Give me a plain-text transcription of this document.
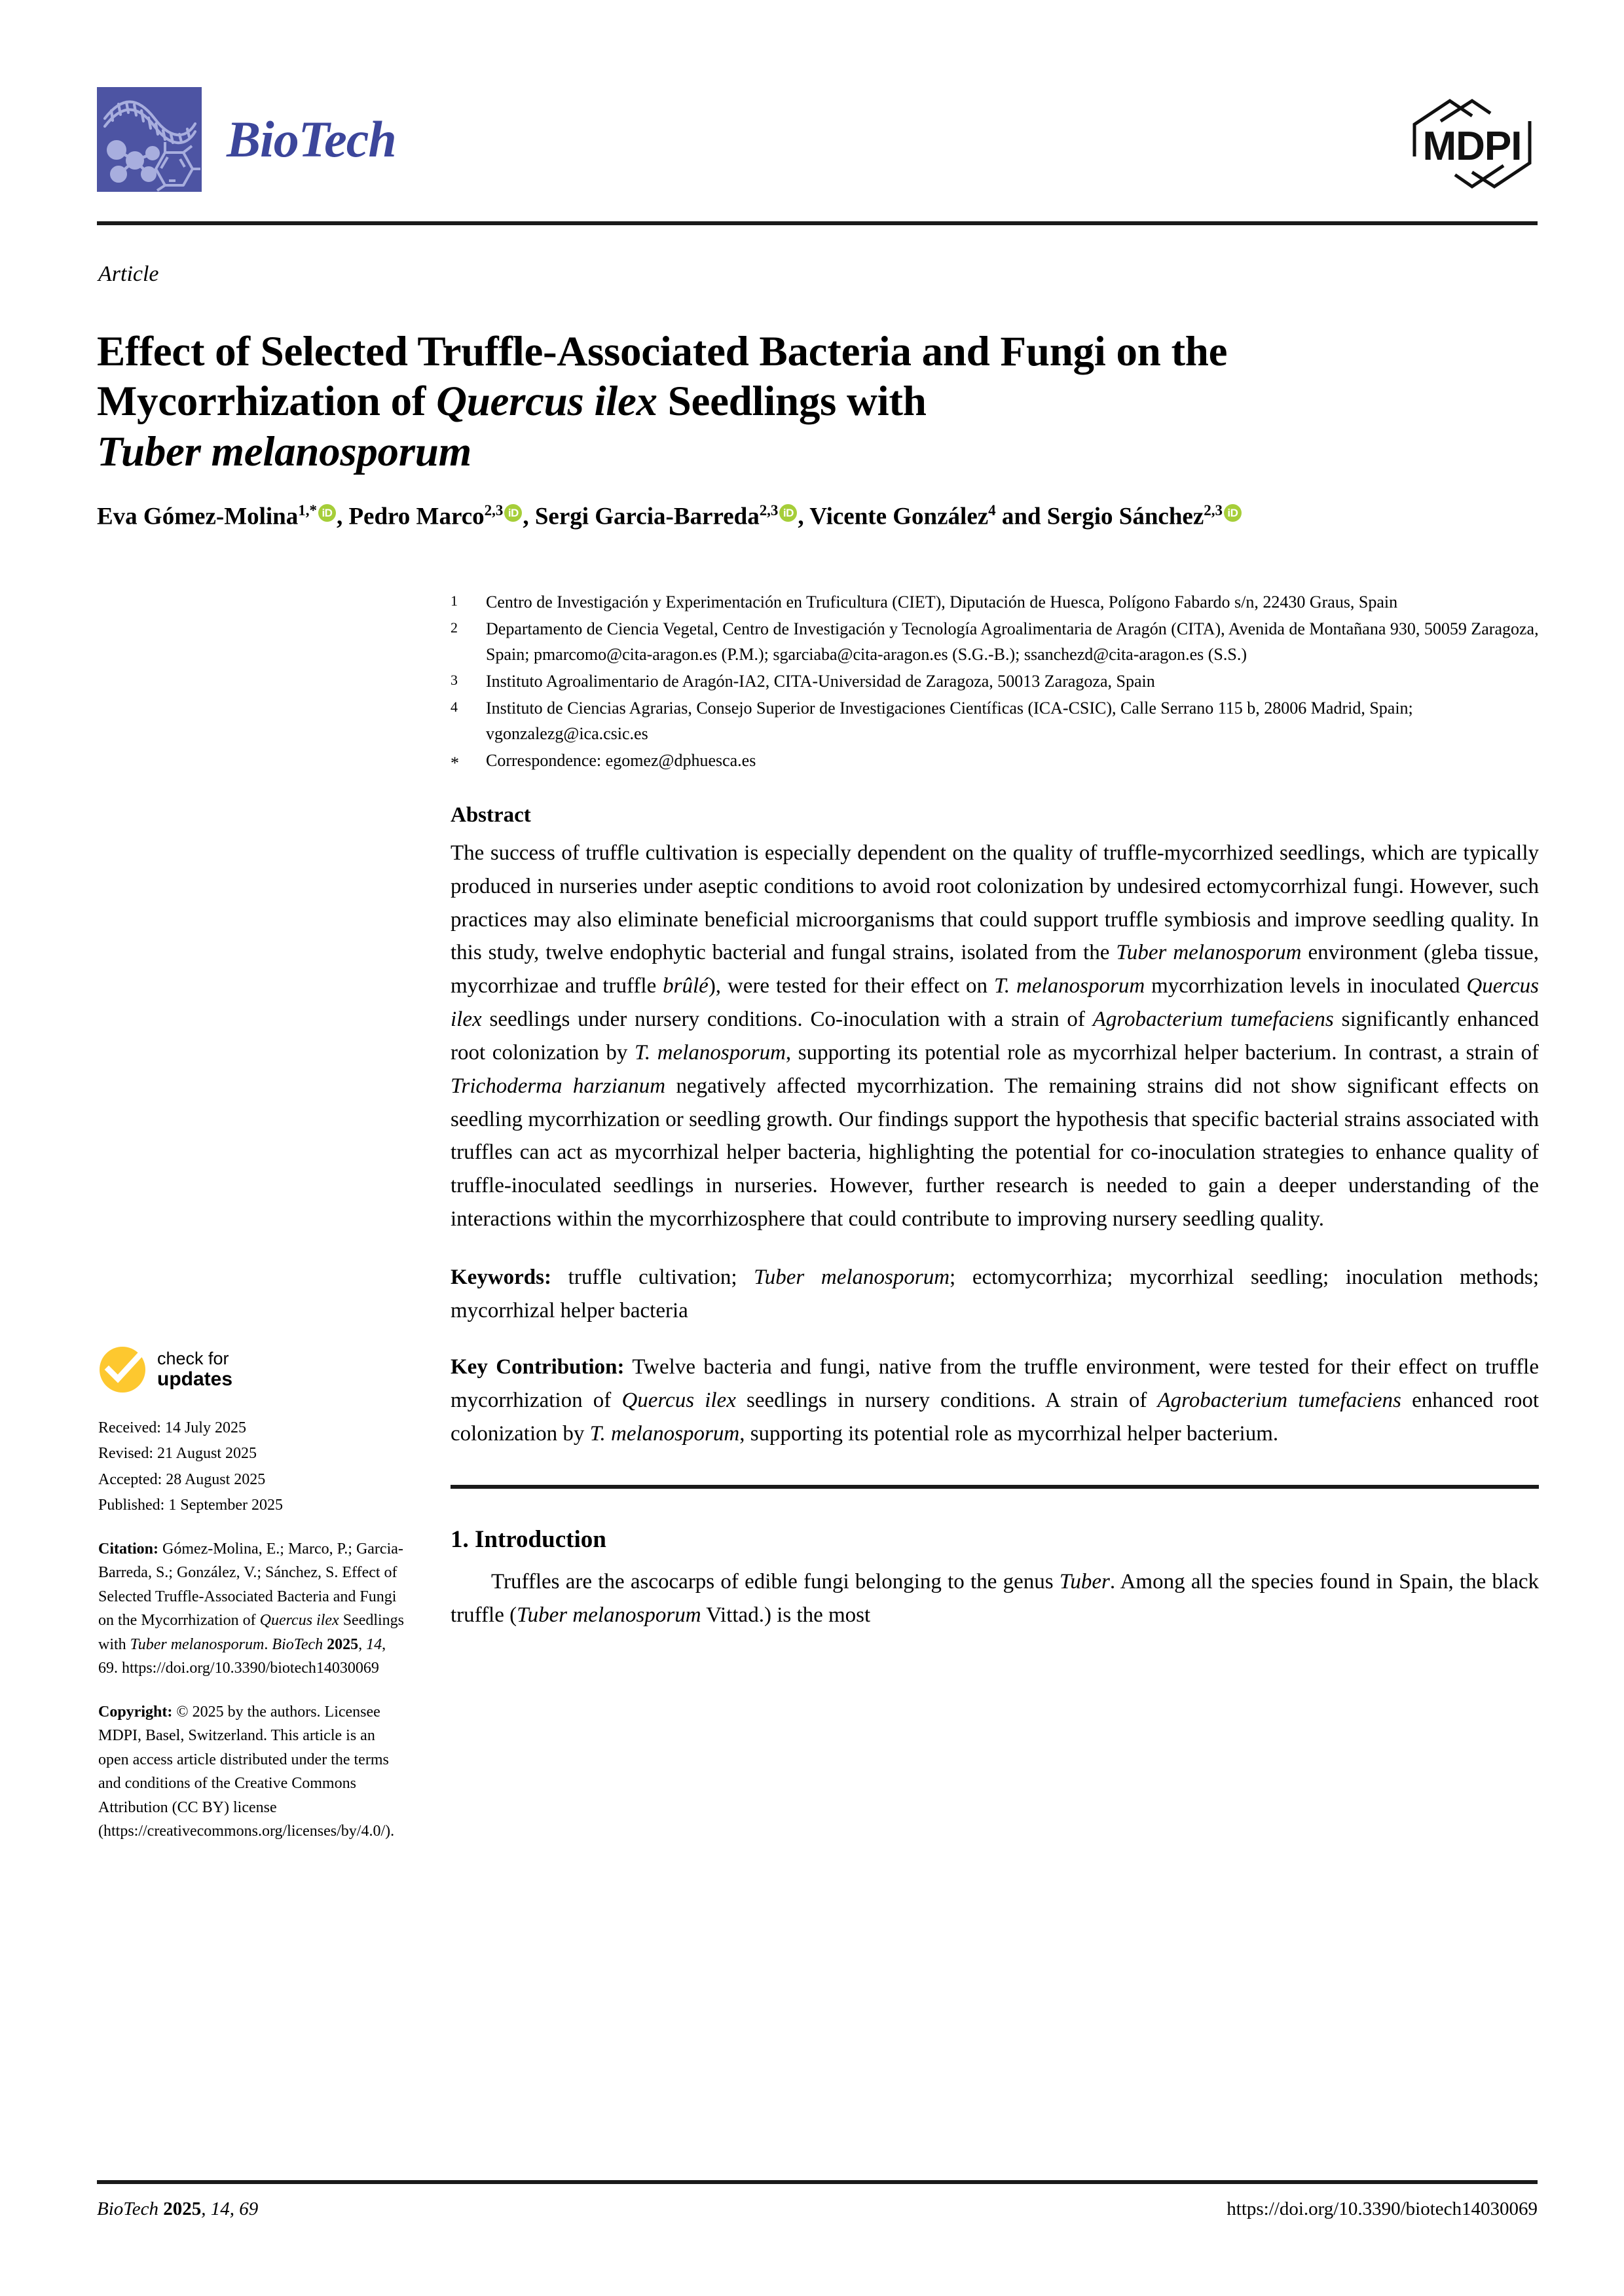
BioTech	MDPI
Article
Effect of Selected Truffle-Associated Bacteria and Fungi on the
Mycorrhization of Quercus ilex Seedlings with
Tuber melanosporum
Eva Gómez-Molina$^{1,*}$ iD , Pedro Marco$^{2,3}$ iD , Sergi Garcia-Barreda$^{2,3}$ iD , Vicente González$^4$ and Sergio Sánchez$^{2,3}$ iD
1	Centro de Investigación y Experimentación en Truficultura (CIET), Diputación de Huesca, Polígono Fabardo s/n, 22430 Graus, Spain
2	Departamento de Ciencia Vegetal, Centro de Investigación y Tecnología Agroalimentaria de Aragón (CITA), Avenida de Montañana 930, 50059 Zaragoza, Spain; pmarcomo@cita-aragon.es (P.M.); sgarciaba@cita-aragon.es (S.G.-B.); ssanchezd@cita-aragon.es (S.S.)
3	Instituto Agroalimentario de Aragón-IA2, CITA-Universidad de Zaragoza, 50013 Zaragoza, Spain
4	Instituto de Ciencias Agrarias, Consejo Superior de Investigaciones Científicas (ICA-CSIC), Calle Serrano 115 b, 28006 Madrid, Spain; vgonzalezg@ica.csic.es
*	Correspondence: egomez@dphuesca.es
Abstract
The success of truffle cultivation is especially dependent on the quality of truffle-mycorrhized seedlings, which are typically produced in nurseries under aseptic conditions to avoid root colonization by undesired ectomycorrhizal fungi. However, such practices may also eliminate beneficial microorganisms that could support truffle symbiosis and improve seedling quality. In this study, twelve endophytic bacterial and fungal strains, isolated from the Tuber melanosporum environment (gleba tissue, mycorrhizae and truffle brûlé), were tested for their effect on T. melanosporum mycorrhization levels in inoculated Quercus ilex seedlings under nursery conditions. Co-inoculation with a strain of Agrobacterium tumefaciens significantly enhanced root colonization by T. melanosporum, supporting its potential role as mycorrhizal helper bacterium. In contrast, a strain of Trichoderma harzianum negatively affected mycorrhization. The remaining strains did not show significant effects on seedling mycorrhization or seedling growth. Our findings support the hypothesis that specific bacterial strains associated with truffles can act as mycorrhizal helper bacteria, highlighting the potential for co-inoculation strategies to enhance quality of truffle-inoculated seedlings in nurseries. However, further research is needed to gain a deeper understanding of the interactions within the mycorrhizosphere that could contribute to improving nursery seedling quality.
Keywords: truffle cultivation; Tuber melanosporum; ectomycorrhiza; mycorrhizal seedling; inoculation methods; mycorrhizal helper bacteria
Key Contribution: Twelve bacteria and fungi, native from the truffle environment, were tested for their effect on truffle mycorrhization of Quercus ilex seedlings in nursery conditions. A strain of Agrobacterium tumefaciens enhanced root colonization by T. melanosporum, supporting its potential role as mycorrhizal helper bacterium.
1. Introduction
Truffles are the ascocarps of edible fungi belonging to the genus Tuber. Among all the species found in Spain, the black truffle (Tuber melanosporum Vittad.) is the most
check for
updates
Received: 14 July 2025
Revised: 21 August 2025
Accepted: 28 August 2025
Published: 1 September 2025
Citation: Gómez-Molina, E.; Marco, P.; Garcia-Barreda, S.; González, V.; Sánchez, S. Effect of Selected Truffle-Associated Bacteria and Fungi on the Mycorrhization of Quercus ilex Seedlings with Tuber melanosporum. BioTech 2025, 14, 69. https://doi.org/10.3390/biotech14030069
Copyright: © 2025 by the authors. Licensee MDPI, Basel, Switzerland. This article is an open access article distributed under the terms and conditions of the Creative Commons Attribution (CC BY) license (https://creativecommons.org/licenses/by/4.0/).
BioTech 2025, 14, 69	https://doi.org/10.3390/biotech14030069
